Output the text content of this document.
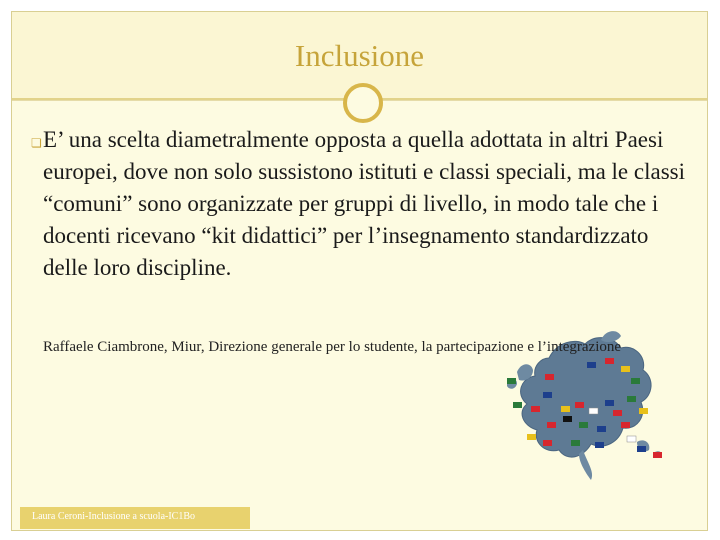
Inclusione
❏ E’ una scelta diametralmente opposta a quella adottata in altri Paesi europei, dove non solo sussistono istituti e classi speciali, ma le classi “comuni” sono organizzate per gruppi di livello, in modo tale che i docenti ricevano “kit didattici” per l’insegnamento standardizzato delle loro discipline.
Raffaele Ciambrone, Miur, Direzione generale per lo studente, la partecipazione e l’integrazione
Laura Ceroni-Inclusione a scuola-IC1Bo
